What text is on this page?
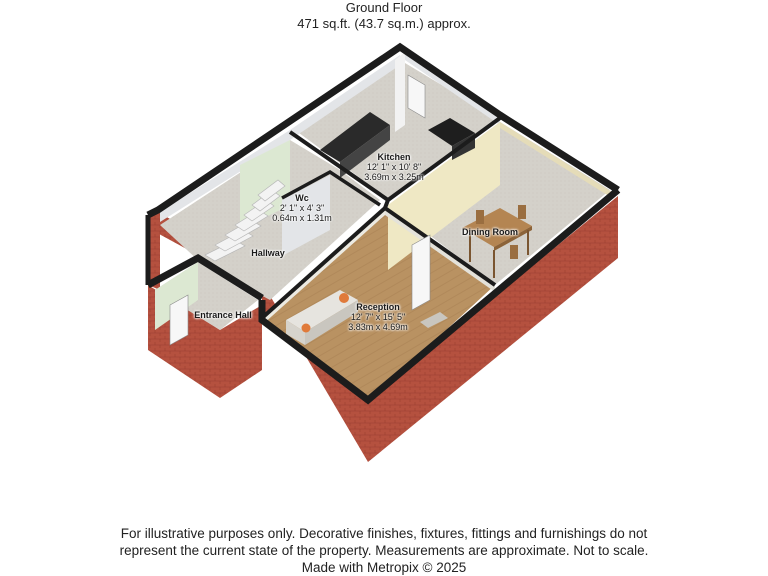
Ground Floor
471 sq.ft. (43.7 sq.m.) approx.
Kitchen
12' 1" x 10' 8"
3.69m x 3.25m
Wc
2' 1" x 4' 3"
0.64m x 1.31m
Dining Room
Hallway
Entrance Hall
Reception
12' 7" x 15' 5"
3.83m x 4.69m
For illustrative purposes only. Decorative finishes, fixtures, fittings and furnishings do not
represent the current state of the property. Measurements are approximate. Not to scale.
Made with Metropix © 2025
